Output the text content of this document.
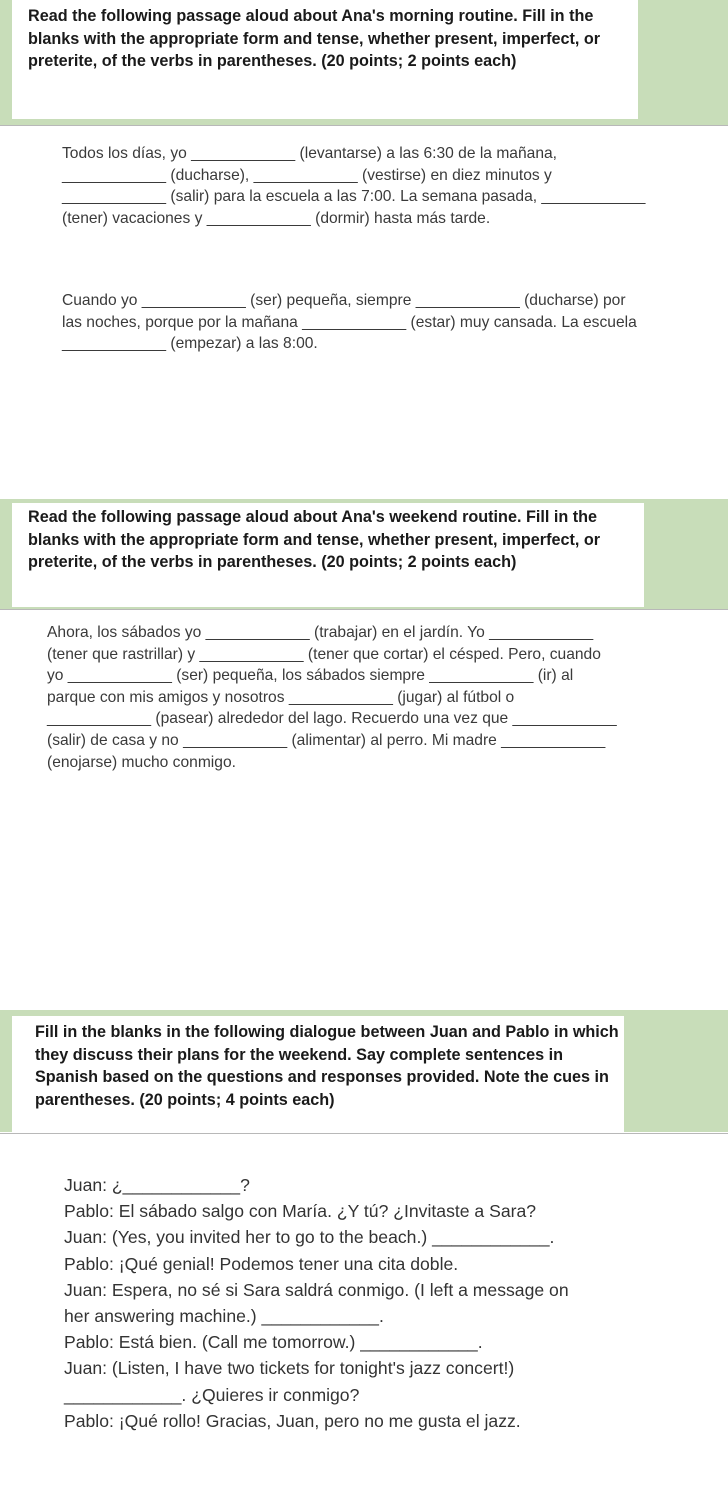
Read the following passage aloud about Ana's morning routine. Fill in the blanks with the appropriate form and tense, whether present, imperfect, or preterite, of the verbs in parentheses. (20 points; 2 points each)

Todos los días, yo ____________ (levantarse) a las 6:30 de la mañana, ____________ (ducharse), ____________ (vestirse) en diez minutos y ____________ (salir) para la escuela a las 7:00. La semana pasada, ____________ (tener) vacaciones y ____________ (dormir) hasta más tarde.

Cuando yo ____________ (ser) pequeña, siempre ____________ (ducharse) por las noches, porque por la mañana ____________ (estar) muy cansada. La escuela ____________ (empezar) a las 8:00.

Read the following passage aloud about Ana's weekend routine. Fill in the blanks with the appropriate form and tense, whether present, imperfect, or preterite, of the verbs in parentheses. (20 points; 2 points each)

Ahora, los sábados yo ____________ (trabajar) en el jardín. Yo ____________ (tener que rastrillar) y ____________ (tener que cortar) el césped. Pero, cuando yo ____________ (ser) pequeña, los sábados siempre ____________ (ir) al parque con mis amigos y nosotros ____________ (jugar) al fútbol o ____________ (pasear) alrededor del lago. Recuerdo una vez que ____________ (salir) de casa y no ____________ (alimentar) al perro. Mi madre ____________ (enojarse) mucho conmigo.

Fill in the blanks in the following dialogue between Juan and Pablo in which they discuss their plans for the weekend. Say complete sentences in Spanish based on the questions and responses provided. Note the cues in parentheses. (20 points; 4 points each)
Juan: ¿____________?
Pablo: El sábado salgo con María. ¿Y tú? ¿Invitaste a Sara?
Juan: (Yes, you invited her to go to the beach.) ____________.
Pablo: ¡Qué genial! Podemos tener una cita doble.
Juan: Espera, no sé si Sara saldrá conmigo. (I left a message on
her answering machine.) ____________.
Pablo: Está bien. (Call me tomorrow.) ____________.
Juan: (Listen, I have two tickets for tonight's jazz concert!)
____________. ¿Quieres ir conmigo?
Pablo: ¡Qué rollo! Gracias, Juan, pero no me gusta el jazz.
